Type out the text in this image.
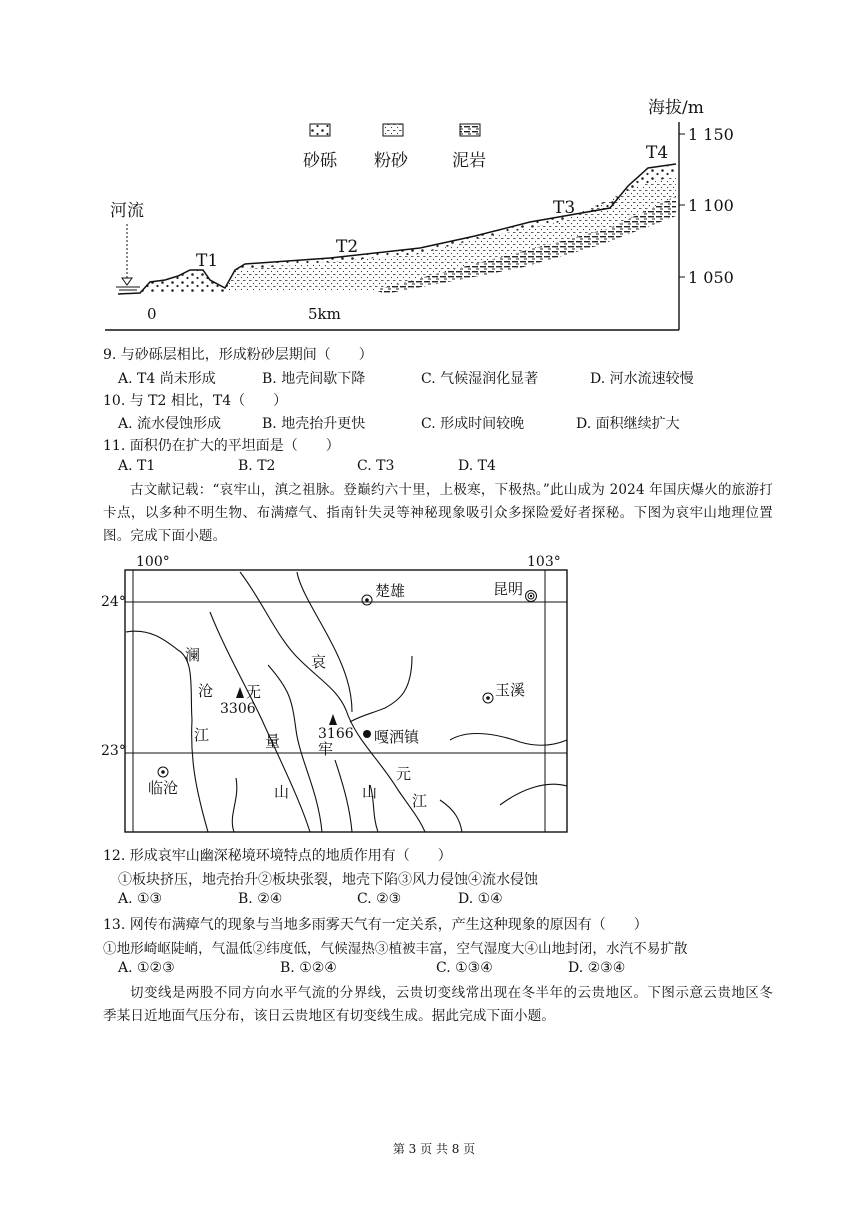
砂砾 粉砂	泥岩
海拔/m
1 150
1 100
1 050
0	5km
河流
T1
T2
T3
T4
9. 与砂砾层相比，形成粉砂层期间（　　）
A. T4 尚未形成	B. 地壳间歇下降	C. 气候湿润化显著	D. 河水流速较慢
10. 与 T2 相比，T4（　　）
A. 流水侵蚀形成	B. 地壳抬升更快	C. 形成时间较晚	D. 面积继续扩大
11. 面积仍在扩大的平坦面是（　　）
A. T1	B. T2	C. T3	D. T4
古文献记载：“哀牢山，滇之祖脉。登巅约六十里，上极寒，下极热。”此山成为 2024 年国庆爆火的旅游打卡点，以多种不明生物、布满瘴气、指南针失灵等神秘现象吸引众多探险爱好者探秘。下图为哀牢山地理位置图。完成下面小题。
100°	103°
24°
23°
楚雄	昆明
玉溪
临沧
嘎洒镇
3306
3166
澜
沧
江
无
量
山
哀
牢
山
元
江
12. 形成哀牢山幽深秘境环境特点的地质作用有（　　）
①板块挤压，地壳抬升②板块张裂，地壳下陷③风力侵蚀④流水侵蚀
A. ①③	B. ②④	C. ②③	D. ①④
13. 网传布满瘴气的现象与当地多雨雾天气有一定关系，产生这种现象的原因有（　　）
①地形崎岖陡峭，气温低②纬度低，气候湿热③植被丰富，空气湿度大④山地封闭，水汽不易扩散
A. ①②③	B. ①②④	C. ①③④	D. ②③④
切变线是两股不同方向水平气流的分界线，云贵切变线常出现在冬半年的云贵地区。下图示意云贵地区冬季某日近地面气压分布，该日云贵地区有切变线生成。据此完成下面小题。
第 3 页 共 8 页
